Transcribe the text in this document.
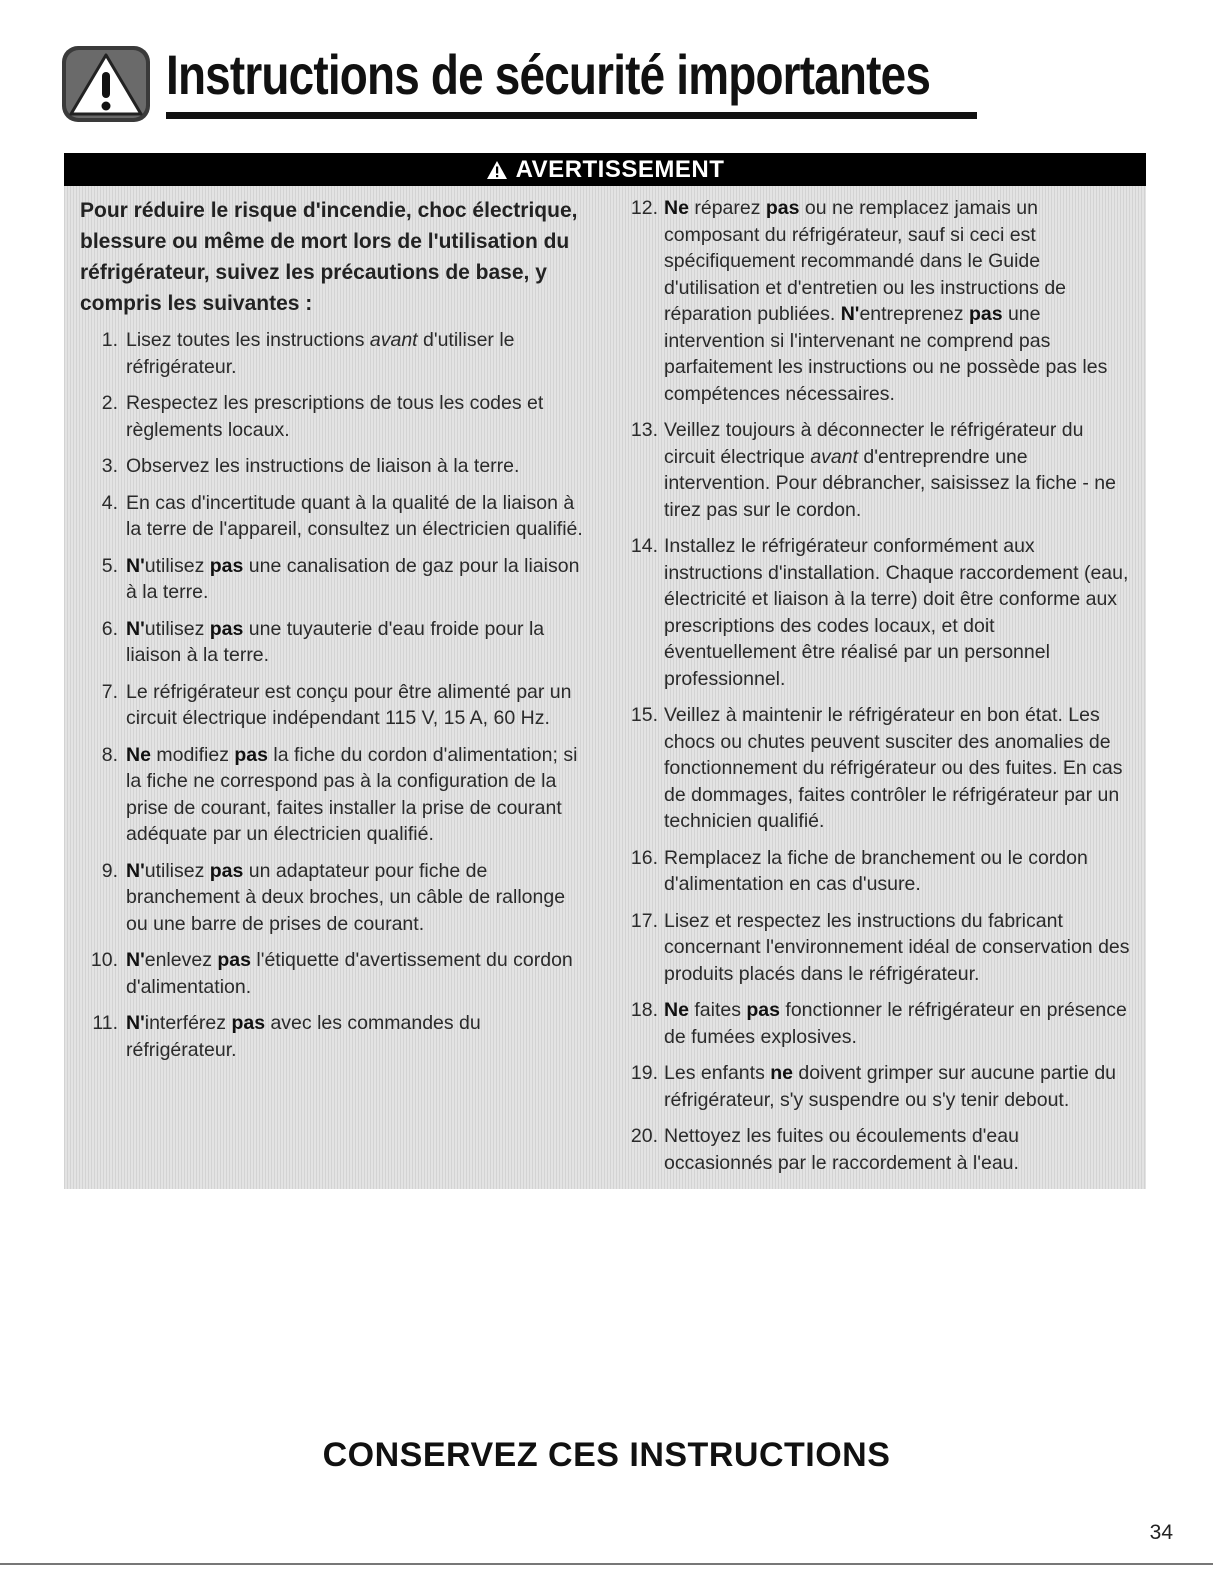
Instructions de sécurité importantes
AVERTISSEMENT
Pour réduire le risque d'incendie, choc électrique, blessure ou même de mort lors de l'utilisation du réfrigérateur, suivez les précautions de base, y compris les suivantes :
1. Lisez toutes les instructions avant d'utiliser le réfrigérateur.
2. Respectez les prescriptions de tous les codes et règlements locaux.
3. Observez les instructions de liaison à la terre.
4. En cas d'incertitude quant à la qualité de la liaison à la terre de l'appareil, consultez un électricien qualifié.
5. N'utilisez pas une canalisation de gaz pour la liaison à la terre.
6. N'utilisez pas une tuyauterie d'eau froide pour la liaison à la terre.
7. Le réfrigérateur est conçu pour être alimenté par un circuit électrique indépendant 115 V, 15 A, 60 Hz.
8. Ne modifiez pas la fiche du cordon d'alimentation; si la fiche ne correspond pas à la configuration de la prise de courant, faites installer la prise de courant adéquate par un électricien qualifié.
9. N'utilisez pas un adaptateur pour fiche de branchement à deux broches, un câble de rallonge ou une barre de prises de courant.
10. N'enlevez pas l'étiquette d'avertissement du cordon d'alimentation.
11. N'interférez pas avec les commandes du réfrigérateur.
12. Ne réparez pas ou ne remplacez jamais un composant du réfrigérateur, sauf si ceci est spécifiquement recommandé dans le Guide d'utilisation et d'entretien ou les instructions de réparation publiées. N'entreprenez pas une intervention si l'intervenant ne comprend pas parfaitement les instructions ou ne possède pas les compétences nécessaires.
13. Veillez toujours à déconnecter le réfrigérateur du circuit électrique avant d'entreprendre une intervention. Pour débrancher, saisissez la fiche - ne tirez pas sur le cordon.
14. Installez le réfrigérateur conformément aux instructions d'installation. Chaque raccordement (eau, électricité et liaison à la terre) doit être conforme aux prescriptions des codes locaux, et doit éventuellement être réalisé par un personnel professionnel.
15. Veillez à maintenir le réfrigérateur en bon état. Les chocs ou chutes peuvent susciter des anomalies de fonctionnement du réfrigérateur ou des fuites. En cas de dommages, faites contrôler le réfrigérateur par un technicien qualifié.
16. Remplacez la fiche de branchement ou le cordon d'alimentation en cas d'usure.
17. Lisez et respectez les instructions du fabricant concernant l'environnement idéal de conservation des produits placés dans le réfrigérateur.
18. Ne faites pas fonctionner le réfrigérateur en présence de fumées explosives.
19. Les enfants ne doivent grimper sur aucune partie du réfrigérateur, s'y suspendre ou s'y tenir debout.
20. Nettoyez les fuites ou écoulements d'eau occasionnés par le raccordement à l'eau.
CONSERVEZ CES INSTRUCTIONS
34
